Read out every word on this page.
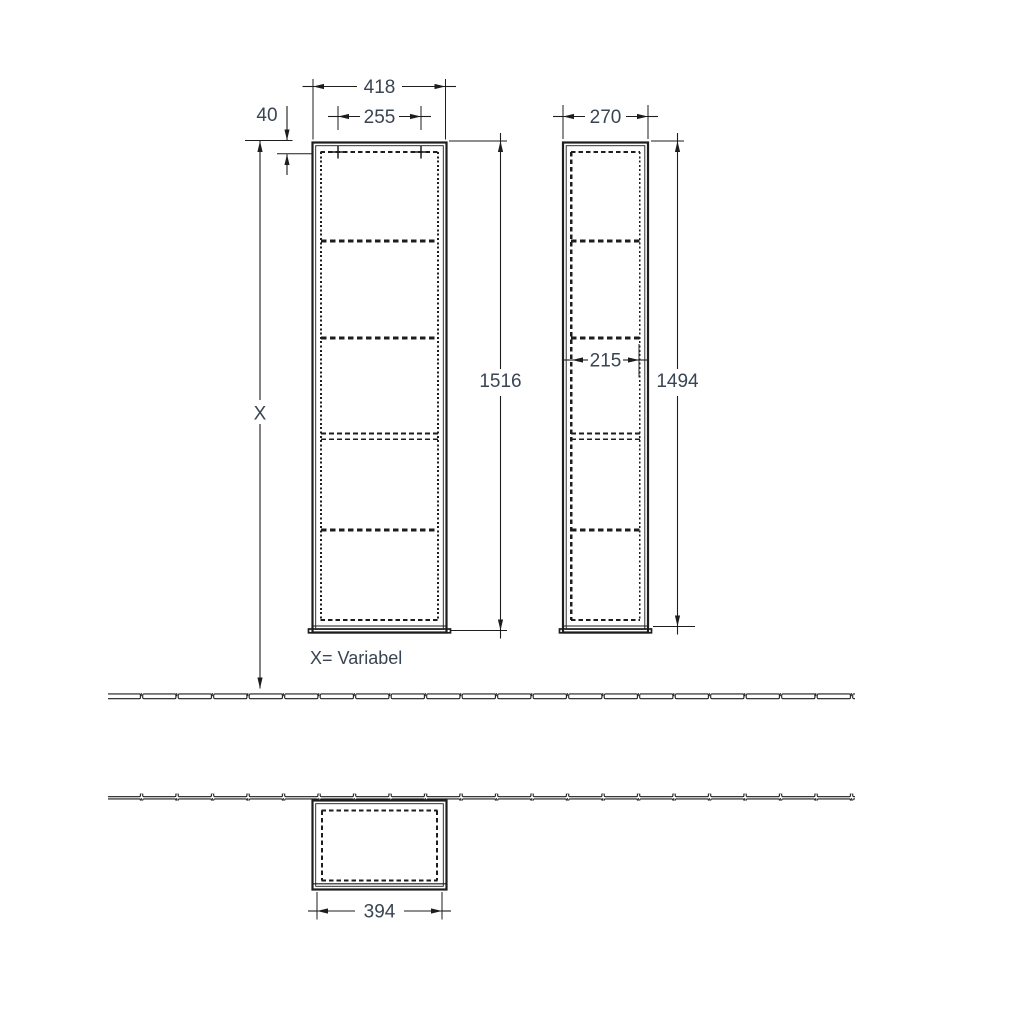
418
255
40
X
1516
270
215
1494
X= Variabel
394
